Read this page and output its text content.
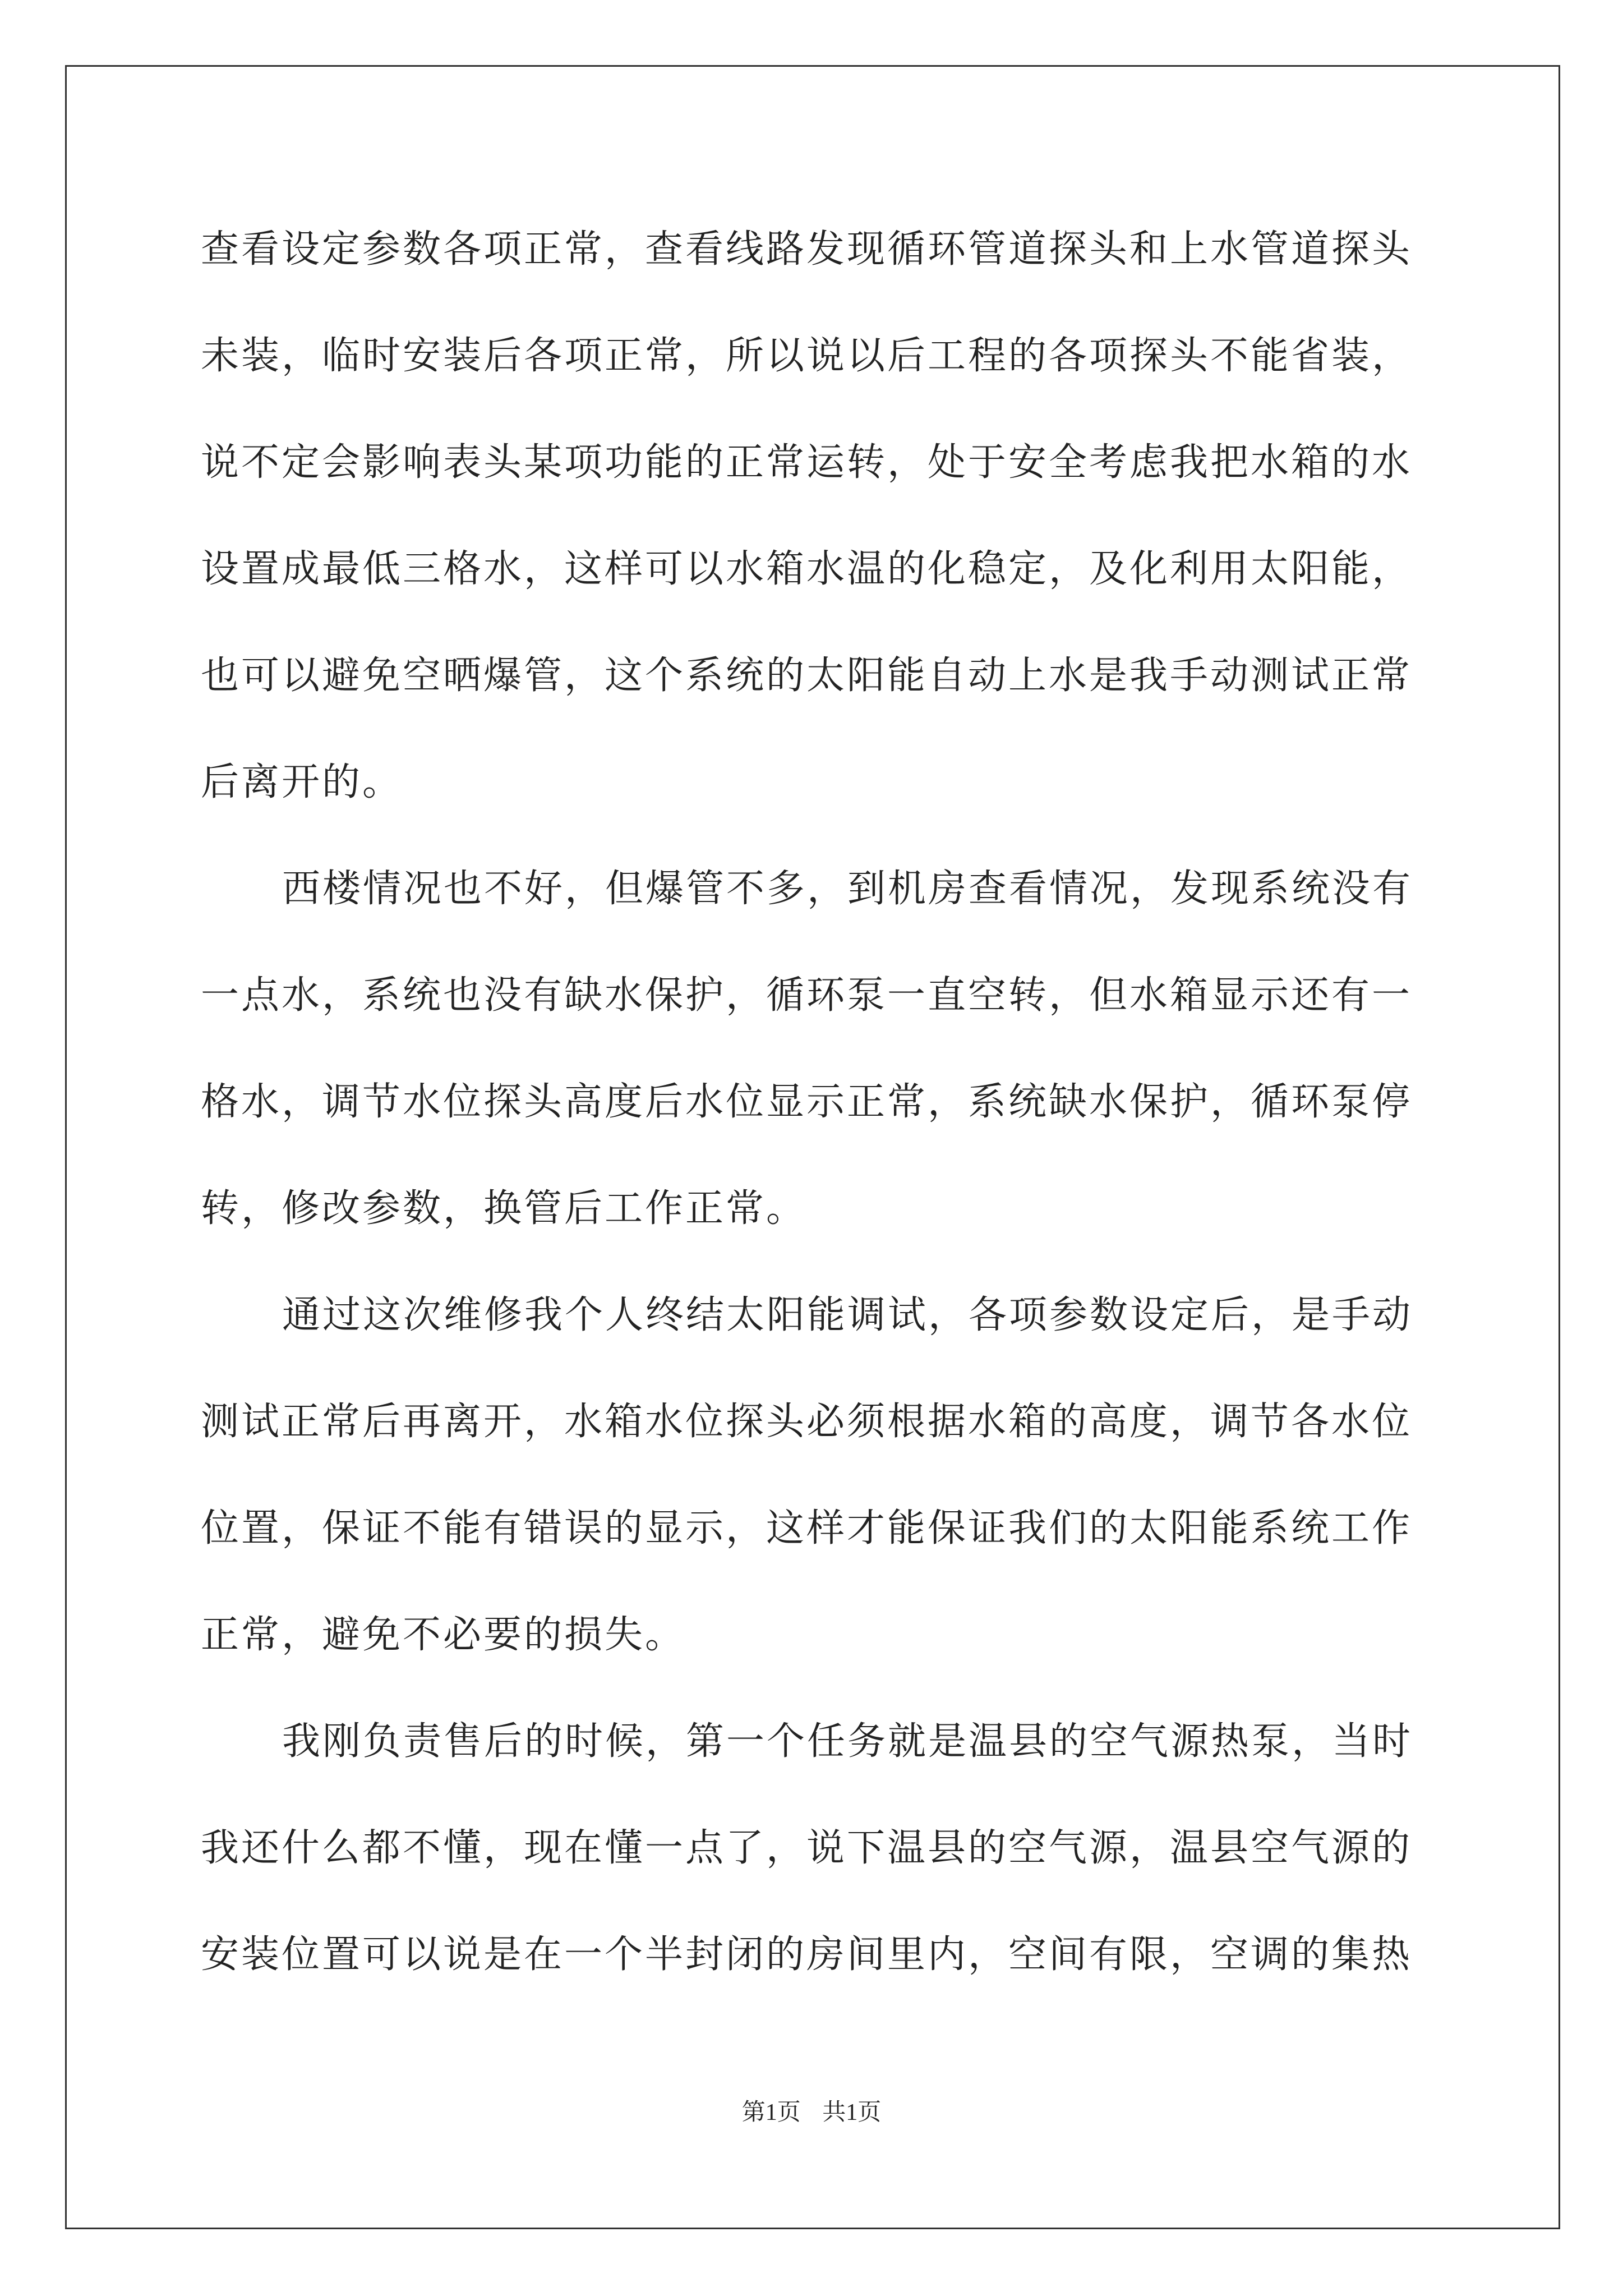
查看设定参数各项正常，查看线路发现循环管道探头和上水管道探头
未装，临时安装后各项正常，所以说以后工程的各项探头不能省装，
说不定会影响表头某项功能的正常运转，处于安全考虑我把水箱的水
设置成最低三格水，这样可以水箱水温的化稳定，及化利用太阳能，
也可以避免空晒爆管，这个系统的太阳能自动上水是我手动测试正常
后离开的。
西楼情况也不好，但爆管不多，到机房查看情况，发现系统没有
一点水，系统也没有缺水保护，循环泵一直空转，但水箱显示还有一
格水，调节水位探头高度后水位显示正常，系统缺水保护，循环泵停
转，修改参数，换管后工作正常。
通过这次维修我个人终结太阳能调试，各项参数设定后，是手动
测试正常后再离开，水箱水位探头必须根据水箱的高度，调节各水位
位置，保证不能有错误的显示，这样才能保证我们的太阳能系统工作
正常，避免不必要的损失。
我刚负责售后的时候，第一个任务就是温县的空气源热泵，当时
我还什么都不懂，现在懂一点了，说下温县的空气源，温县空气源的
安装位置可以说是在一个半封闭的房间里内，空间有限，空调的集热
第1页 共1页
